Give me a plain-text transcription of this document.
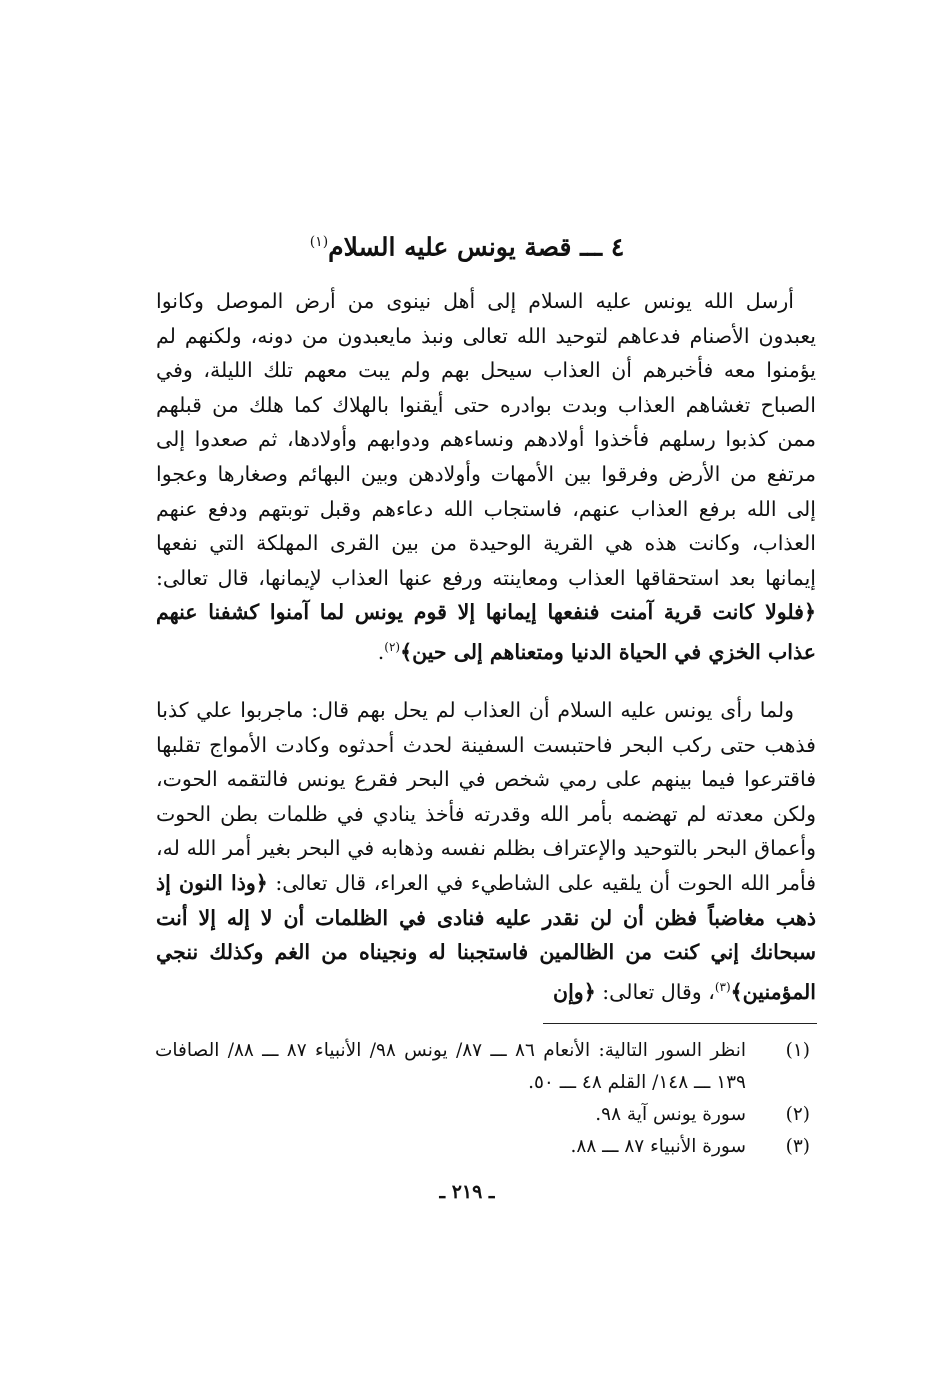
٤ ـــ قصة يونس عليه السلام$^{(١)}$

أرسل الله يونس عليه السلام إلى أهل نينوى من أرض الموصل وكانوا يعبدون الأصنام فدعاهم لتوحيد الله تعالى ونبذ مايعبدون من دونه، ولكنهم لم يؤمنوا معه فأخبرهم أن العذاب سيحل بهم ولم يبت معهم تلك الليلة، وفي الصباح تغشاهم العذاب وبدت بوادره حتى أيقنوا بالهلاك كما هلك من قبلهم ممن كذبوا رسلهم فأخذوا أولادهم ونساءهم ودوابهم وأولادها، ثم صعدوا إلى مرتفع من الأرض وفرقوا بين الأمهات وأولادهن وبين البهائم وصغارها وعجوا إلى الله برفع العذاب عنهم، فاستجاب الله دعاءهم وقبل توبتهم ودفع عنهم العذاب، وكانت هذه هي القرية الوحيدة من بين القرى المهلكة التي نفعها إيمانها بعد استحقاقها العذاب ومعاينته ورفع عنها العذاب لإيمانها، قال تعالى: ﴿فلولا كانت قرية آمنت فنفعها إيمانها إلا قوم يونس لما آمنوا كشفنا عنهم عذاب الخزي في الحياة الدنيا ومتعناهم إلى حين﴾$^{(٢)}$.

ولما رأى يونس عليه السلام أن العذاب لم يحل بهم قال: ماجربوا علي كذبا فذهب حتى ركب البحر فاحتبست السفينة لحدث أحدثوه وكادت الأمواج تقلبها فاقترعوا فيما بينهم على رمي شخص في البحر فقرع يونس فالتقمه الحوت، ولكن معدته لم تهضمه بأمر الله وقدرته فأخذ ينادي في ظلمات بطن الحوت وأعماق البحر بالتوحيد والإعتراف بظلم نفسه وذهابه في البحر بغير أمر الله له، فأمر الله الحوت أن يلقيه على الشاطيء في العراء، قال تعالى: ﴿وذا النون إذ ذهب مغاضباً فظن أن لن نقدر عليه فنادى في الظلمات أن لا إله إلا أنت سبحانك إني كنت من الظالمين فاستجبنا له ونجيناه من الغم وكذلك ننجي المؤمنين﴾$^{(٣)}$، وقال تعالى: ﴿وإن

(١)
انظر السور التالية: الأنعام ٨٦ ـــ ٨٧/ يونس ٩٨/ الأنبياء ٨٧ ـــ ٨٨/ الصافات ١٣٩ ـــ ١٤٨/ القلم ٤٨ ـــ ٥٠.
(٢)
سورة يونس آية ٩٨.
(٣)
سورة الأنبياء ٨٧ ـــ ٨٨.
ـ ٢١٩ ـ
